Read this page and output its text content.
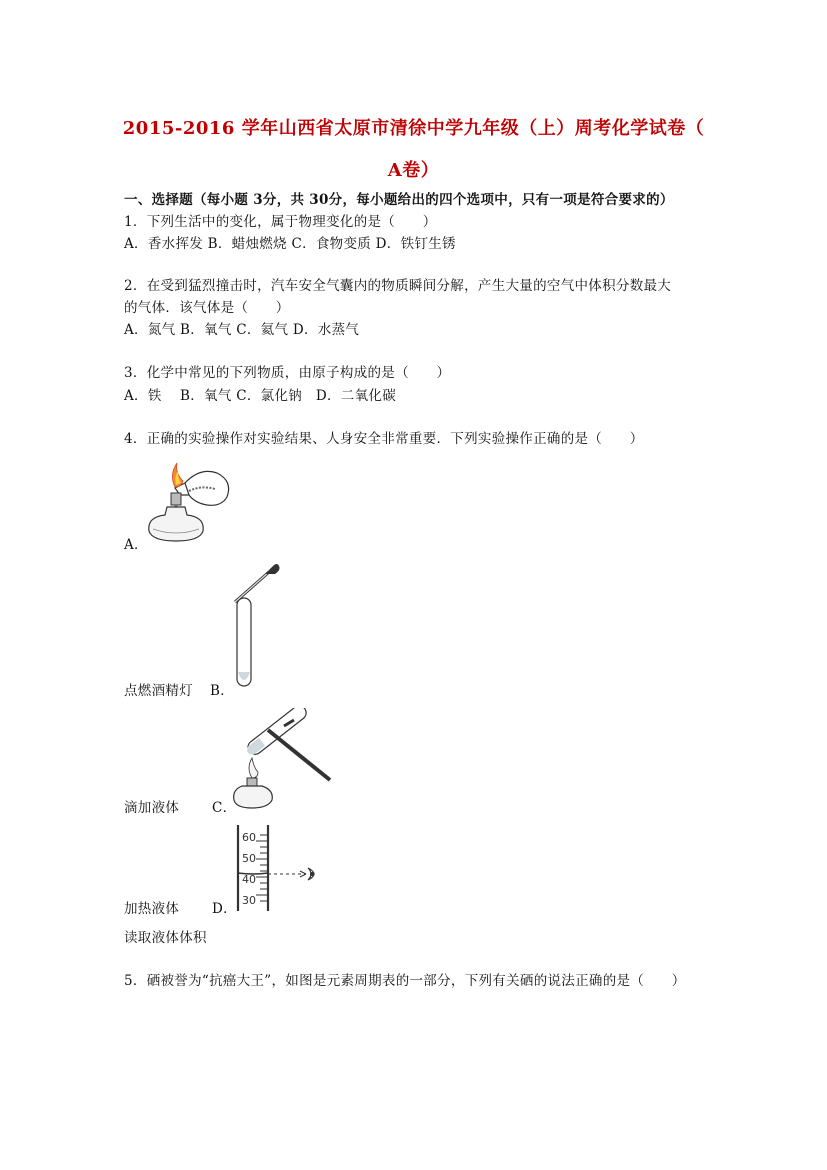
2015-2016 学年山西省太原市清徐中学九年级（上）周考化学试卷（
A卷）
一、选择题（每小题 3分，共 30分，每小题给出的四个选项中，只有一项是符合要求的）
1．下列生活中的变化，属于物理变化的是（　　）
A．香水挥发 B．蜡烛燃烧 C．食物变质 D．铁钉生锈
2．在受到猛烈撞击时，汽车安全气囊内的物质瞬间分解，产生大量的空气中体积分数最大
的气体．该气体是（　　）
A．氮气 B．氧气 C．氦气 D．水蒸气
3．化学中常见的下列物质，由原子构成的是（　　）
A．铁　 B．氧气 C．氯化钠　D．二氧化碳
4．正确的实验操作对实验结果、人身安全非常重要．下列实验操作正确的是（　　）
A．
点燃酒精灯 B．
滴加液体 C．
60
50
40
30
加热液体 D．
读取液体体积
5．硒被誉为“抗癌大王”，如图是元素周期表的一部分，下列有关硒的说法正确的是（　　）
